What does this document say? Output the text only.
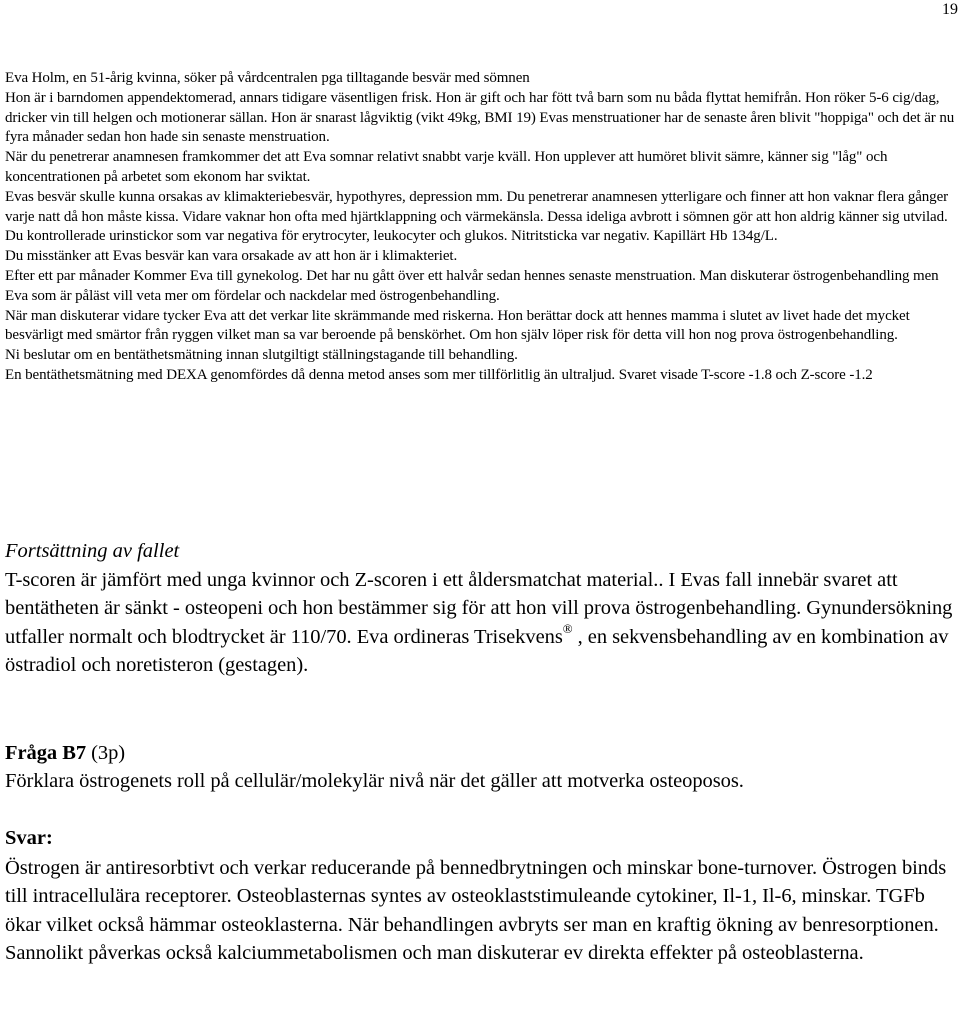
19
Eva Holm, en 51-årig kvinna, söker på vårdcentralen pga tilltagande besvär med sömnen
Hon är i barndomen appendektomerad, annars tidigare väsentligen frisk. Hon är gift och har fött två barn som nu båda flyttat hemifrån. Hon röker 5-6 cig/dag, dricker vin till helgen och motionerar sällan. Hon är snarast lågviktig (vikt 49kg, BMI 19) Evas menstruationer har de senaste åren blivit "hoppiga" och det är nu fyra månader sedan hon hade sin senaste menstruation.
När du penetrerar anamnesen framkommer det att Eva somnar relativt snabbt varje kväll. Hon upplever att humöret blivit sämre, känner sig "låg" och koncentrationen på arbetet som ekonom har sviktat.
Evas besvär skulle kunna orsakas av klimakteriebesvär, hypothyres, depression mm. Du penetrerar anamnesen ytterligare och finner att hon vaknar flera gånger varje natt då hon måste kissa. Vidare vaknar hon ofta med hjärtklappning och värmekänsla. Dessa ideliga avbrott i sömnen gör att hon aldrig känner sig utvilad.
Du kontrollerade urinstickor som var negativa för erytrocyter, leukocyter och glukos. Nitritsticka var negativ. Kapillärt Hb 134g/L.
Du misstänker att Evas besvär kan vara orsakade av att hon är i klimakteriet.
Efter ett par månader Kommer Eva till gynekolog. Det har nu gått över ett halvår sedan hennes senaste menstruation. Man diskuterar östrogenbehandling men Eva som är påläst vill veta mer om fördelar och nackdelar med östrogenbehandling.
När man diskuterar vidare tycker Eva att det verkar lite skrämmande med riskerna. Hon berättar dock att hennes mamma i slutet av livet hade det mycket besvärligt med smärtor från ryggen vilket man sa var beroende på benskörhet. Om hon själv löper risk för detta vill hon nog prova östrogenbehandling.
Ni beslutar om en bentäthetsmätning innan slutgiltigt ställningstagande till behandling.
En bentäthetsmätning med DEXA genomfördes då denna metod anses som mer tillförlitlig än ultraljud. Svaret visade T-score -1.8 och Z-score -1.2
Fortsättning av fallet
T-scoren är jämfört med unga kvinnor och Z-scoren i ett åldersmatchat material.. I Evas fall innebär svaret att bentätheten är sänkt - osteopeni och hon bestämmer sig för att hon vill prova östrogenbehandling. Gynundersökning utfaller normalt och blodtrycket är 110/70. Eva ordineras Trisekvens® , en sekvensbehandling av en kombination av östradiol och noretisteron (gestagen).
Fråga B7 (3p)
Förklara östrogenets roll på cellulär/molekylär nivå när det gäller att motverka osteoposos.
Svar:
Östrogen är antiresorbtivt och verkar reducerande på bennedbrytningen och minskar bone-turnover. Östrogen binds till intracellulära receptorer. Osteoblasternas syntes av osteoklaststimuleande cytokiner, Il-1, Il-6, minskar. TGFb ökar vilket också hämmar osteoklasterna. När behandlingen avbryts ser man en kraftig ökning av benresorptionen. Sannolikt påverkas också kalciummetabolismen och man diskuterar ev direkta effekter på osteoblasterna.
